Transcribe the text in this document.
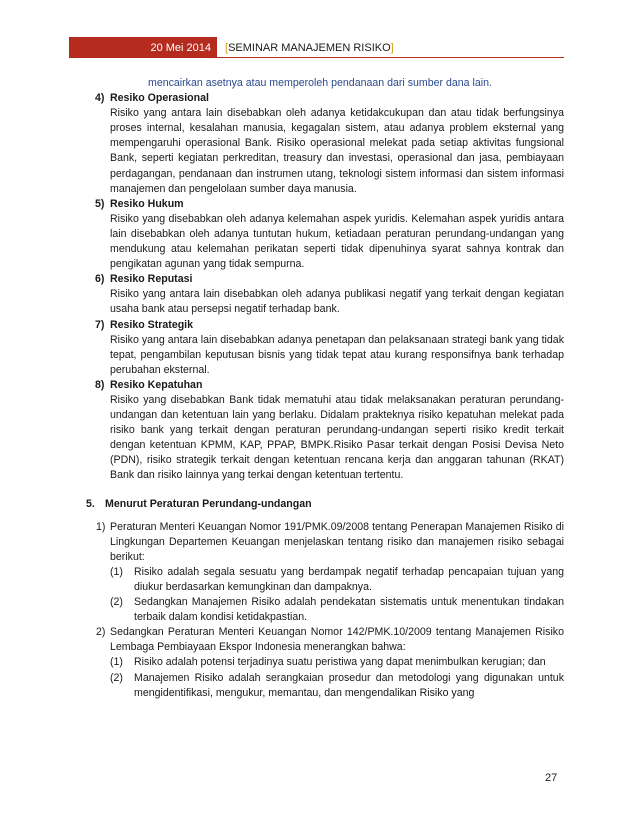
20 Mei 2014	[SEMINAR MANAJEMEN RISIKO]
mencairkan asetnya atau memperoleh pendanaan dari sumber dana lain.
4) Resiko Operasional
Risiko yang antara lain disebabkan oleh adanya ketidakcukupan dan atau tidak berfungsinya proses internal, kesalahan manusia, kegagalan sistem, atau adanya problem eksternal yang mempengaruhi operasional Bank. Risiko operasional melekat pada setiap aktivitas fungsional Bank, seperti kegiatan perkreditan, treasury dan investasi, operasional dan jasa, pembiayaan perdagangan, pendanaan dan instrumen utang, teknologi sistem informasi dan sistem informasi manajemen dan pengelolaan sumber daya manusia.
5) Resiko Hukum
Risiko yang disebabkan oleh adanya kelemahan aspek yuridis. Kelemahan aspek yuridis antara lain disebabkan oleh adanya tuntutan hukum, ketiadaan peraturan perundang-undangan yang mendukung atau kelemahan perikatan seperti tidak dipenuhinya syarat sahnya kontrak dan pengikatan agunan yang tidak sempurna.
6) Resiko Reputasi
Risiko yang antara lain disebabkan oleh adanya publikasi negatif yang terkait dengan kegiatan usaha bank atau persepsi negatif terhadap bank.
7) Resiko Strategik
Risiko yang antara lain disebabkan adanya penetapan dan pelaksanaan strategi bank yang tidak tepat, pengambilan keputusan bisnis yang tidak tepat atau kurang responsifnya bank terhadap perubahan eksternal.
8) Resiko Kepatuhan
Risiko yang disebabkan Bank tidak mematuhi atau tidak melaksanakan peraturan perundang-undangan dan ketentuan lain yang berlaku. Didalam prakteknya risiko kepatuhan melekat pada risiko bank yang terkait dengan peraturan perundang-undangan seperti risiko kredit terkait dengan ketentuan KPMM, KAP, PPAP, BMPK.Risiko Pasar terkait dengan Posisi Devisa Neto (PDN), risiko strategik terkait dengan ketentuan rencana kerja dan anggaran tahunan (RKAT) Bank dan risiko lainnya yang terkai dengan ketentuan tertentu.
5. Menurut Peraturan Perundang-undangan
1) Peraturan Menteri Keuangan Nomor 191/PMK.09/2008 tentang Penerapan Manajemen Risiko di Lingkungan Departemen Keuangan menjelaskan tentang risiko dan manajemen risiko sebagai berikut:
(1) Risiko adalah segala sesuatu yang berdampak negatif terhadap pencapaian tujuan yang diukur berdasarkan kemungkinan dan dampaknya.
(2) Sedangkan Manajemen Risiko adalah pendekatan sistematis untuk menentukan tindakan terbaik dalam kondisi ketidakpastian.
2) Sedangkan Peraturan Menteri Keuangan Nomor 142/PMK.10/2009 tentang Manajemen Risiko Lembaga Pembiayaan Ekspor Indonesia menerangkan bahwa:
(1) Risiko adalah potensi terjadinya suatu peristiwa yang dapat menimbulkan kerugian; dan
(2) Manajemen Risiko adalah serangkaian prosedur dan metodologi yang digunakan untuk mengidentifikasi, mengukur, memantau, dan mengendalikan Risiko yang
27
